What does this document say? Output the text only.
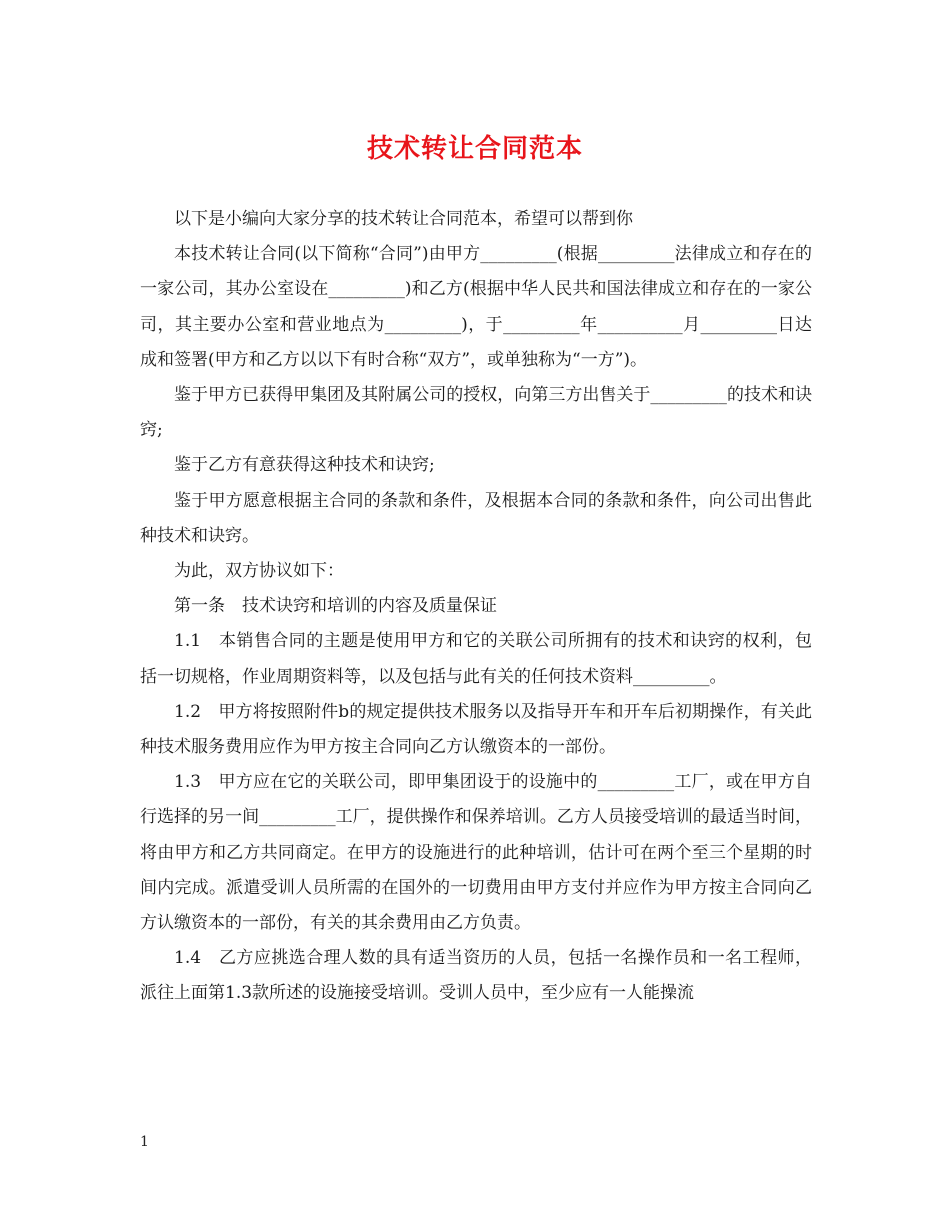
技术转让合同范本

以下是小编向大家分享的技术转让合同范本，希望可以帮到你

本技术转让合同(以下简称“合同”)由甲方_________(根据_________法律成立和存在的一家公司，其办公室设在_________)和乙方(根据中华人民共和国法律成立和存在的一家公司，其主要办公室和营业地点为_________)，于_________年__________月_________日达成和签署(甲方和乙方以以下有时合称“双方”，或单独称为“一方”)。

鉴于甲方已获得甲集团及其附属公司的授权，向第三方出售关于_________的技术和诀窍;

鉴于乙方有意获得这种技术和诀窍;

鉴于甲方愿意根据主合同的条款和条件，及根据本合同的条款和条件，向公司出售此种技术和诀窍。

为此，双方协议如下：

第一条　技术诀窍和培训的内容及质量保证

1.1　本销售合同的主题是使用甲方和它的关联公司所拥有的技术和诀窍的权利，包括一切规格，作业周期资料等，以及包括与此有关的任何技术资料_________。

1.2　甲方将按照附件b的规定提供技术服务以及指导开车和开车后初期操作，有关此种技术服务费用应作为甲方按主合同向乙方认缴资本的一部份。

1.3　甲方应在它的关联公司，即甲集团设于的设施中的_________工厂，或在甲方自行选择的另一间_________工厂，提供操作和保养培训。乙方人员接受培训的最适当时间，将由甲方和乙方共同商定。在甲方的设施进行的此种培训，估计可在两个至三个星期的时间内完成。派遣受训人员所需的在国外的一切费用由甲方支付并应作为甲方按主合同向乙方认缴资本的一部份，有关的其余费用由乙方负责。

1.4　乙方应挑选合理人数的具有适当资历的人员，包括一名操作员和一名工程师，派往上面第1.3款所述的设施接受培训。受训人员中，至少应有一人能操流

1
